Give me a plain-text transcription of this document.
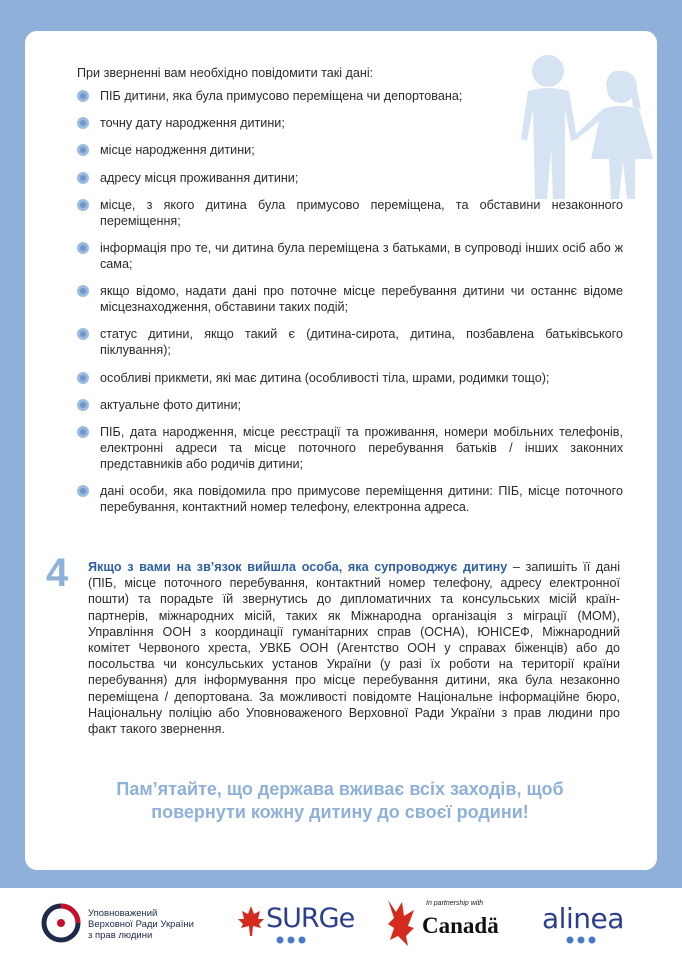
При зверненні вам необхідно повідомити такі дані:

ПІБ дитини, яка була примусово переміщена чи депортована;
точну дату народження дитини;
місце народження дитини;
адресу місця проживання дитини;
місце, з якого дитина була примусово переміщена, та обставини незаконного переміщення;
інформація про те, чи дитина була переміщена з батьками, в супроводі інших осіб або ж сама;
якщо відомо, надати дані про поточне місце перебування дитини чи останнє відоме місцезнаходження, обставини таких подій;
статус дитини, якщо такий є (дитина-сирота, дитина, позбавлена батьківського піклування);
особливі прикмети, які має дитина (особливості тіла, шрами, родимки тощо);
актуальне фото дитини;
ПІБ, дата народження, місце реєстрації та проживання, номери мобільних телефонів, електронні адреси та місце поточного перебування батьків / інших законних представників або родичів дитини;
дані особи, яка повідомила про примусове переміщення дитини: ПІБ, місце поточного перебування, контактний номер телефону, електронна адреса.
4	Якщо з вами на зв’язок вийшла особа, яка супроводжує дитину – запишіть її дані (ПІБ, місце поточного перебування, контактний номер телефону, адресу електронної пошти) та порадьте їй звернутись до дипломатичних та консульських місій країн-партнерів, міжнародних місій, таких як Міжнародна організація з міграції (МОМ), Управління ООН з координації гуманітарних справ (ОСНА), ЮНІСЕФ, Міжнародний комітет Червоного хреста, УВКБ ООН (Агентство ООН у справах біженців) або до посольства чи консульських установ України (у разі їх роботи на території країни перебування) для інформування про місце перебування дитини, яка була незаконно переміщена / депортована. За можливості повідомте Національне інформаційне бюро, Національну поліцію або Уповноваженого Верховної Ради України з прав людини про факт такого звернення.

Пам’ятайте, що держава вживає всіх заходів, щоб повернути кожну дитину до своєї родини!

Уповноважений
Верховної Ради України
з прав людини
SURGe	In partnership with
Canadä alinea
